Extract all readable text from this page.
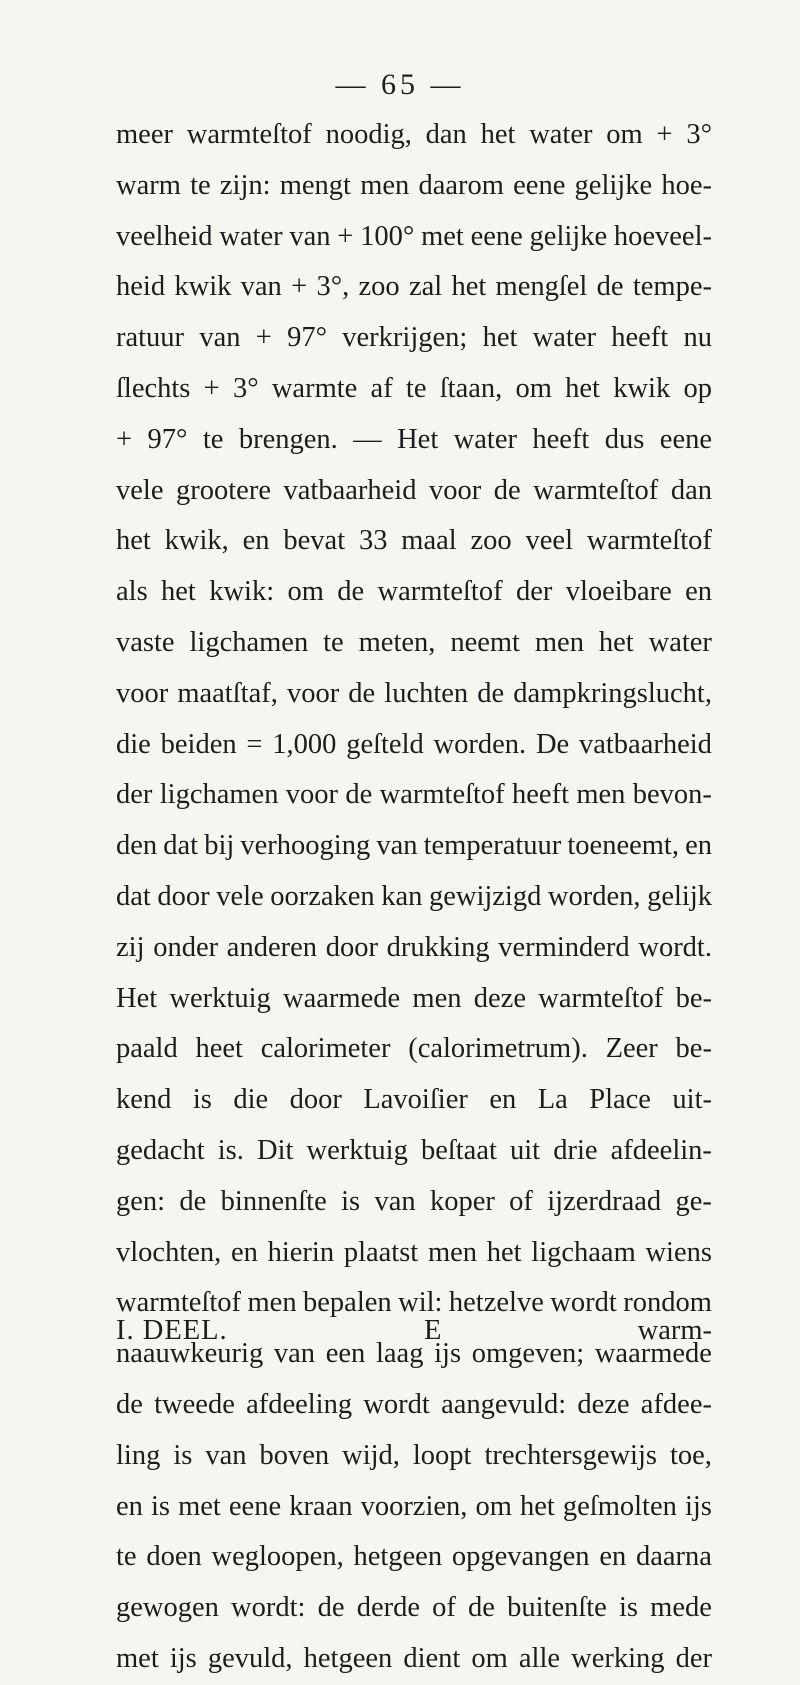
— 65 —
meer warmteſtof noodig, dan het water om + 3°
warm te zijn: mengt men daarom eene gelijke hoe-
veelheid water van + 100° met eene gelijke hoeveel-
heid kwik van + 3°, zoo zal het mengſel de tempe-
ratuur van + 97° verkrijgen; het water heeft nu
ſlechts + 3° warmte af te ſtaan, om het kwik op
+ 97° te brengen. — Het water heeft dus eene
vele grootere vatbaarheid voor de warmteſtof dan
het kwik, en bevat 33 maal zoo veel warmteſtof
als het kwik: om de warmteſtof der vloeibare en
vaste ligchamen te meten, neemt men het water
voor maatſtaf, voor de luchten de dampkringslucht,
die beiden = 1,000 geſteld worden. De vatbaarheid
der ligchamen voor de warmteſtof heeft men bevon-
den dat bij verhooging van temperatuur toeneemt, en
dat door vele oorzaken kan gewijzigd worden, gelijk
zij onder anderen door drukking verminderd wordt.
Het werktuig waarmede men deze warmteſtof be-
paald heet calorimeter (calorimetrum). Zeer be-
kend is die door Lavoiſier en La Place uit-
gedacht is. Dit werktuig beſtaat uit drie afdeelin-
gen: de binnenſte is van koper of ijzerdraad ge-
vlochten, en hierin plaatst men het ligchaam wiens
warmteſtof men bepalen wil: hetzelve wordt rondom
naauwkeurig van een laag ijs omgeven; waarmede
de tweede afdeeling wordt aangevuld: deze afdee-
ling is van boven wijd, loopt trechtersgewijs toe,
en is met eene kraan voorzien, om het geſmolten ijs
te doen wegloopen, hetgeen opgevangen en daarna
gewogen wordt: de derde of de buitenſte is mede
met ijs gevuld, hetgeen dient om alle werking der
I. DEEL.	E	warm-
